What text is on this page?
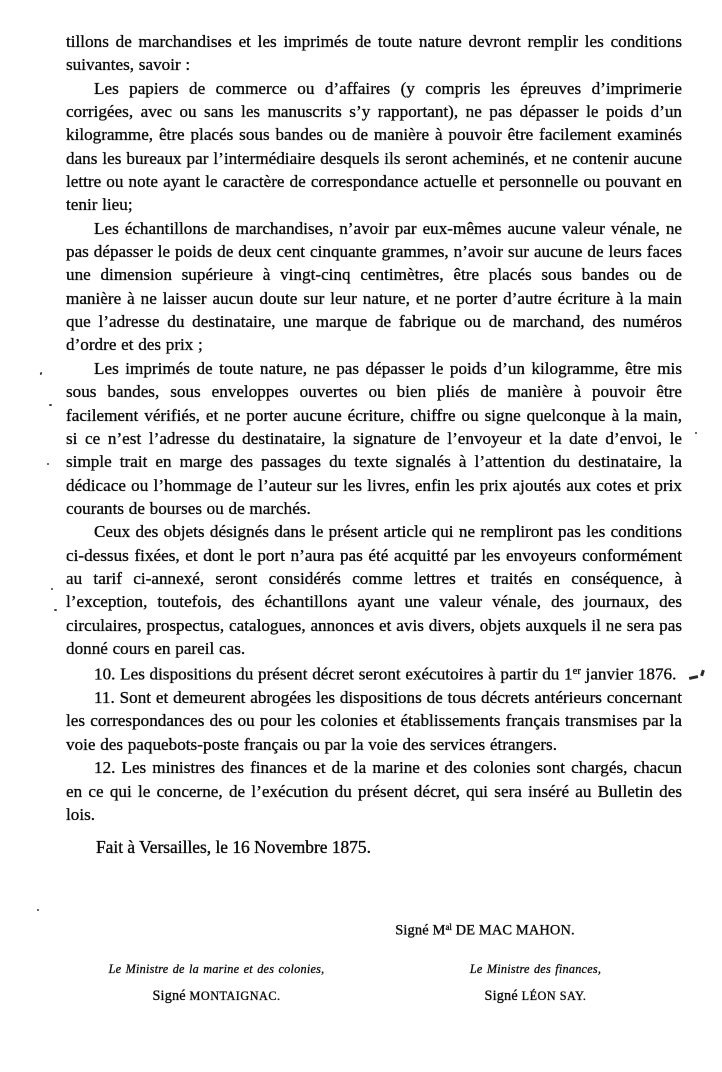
tillons de marchandises et les imprimés de toute nature devront remplir les conditions suivantes, savoir :

Les papiers de commerce ou d’affaires (y compris les épreuves d’imprimerie corrigées, avec ou sans les manuscrits s’y rapportant), ne pas dépasser le poids d’un kilogramme, être placés sous bandes ou de manière à pouvoir être facilement examinés dans les bureaux par l’intermédiaire desquels ils seront acheminés, et ne contenir aucune lettre ou note ayant le caractère de correspondance actuelle et personnelle ou pouvant en tenir lieu;

Les échantillons de marchandises, n’avoir par eux-mêmes aucune valeur vénale, ne pas dépasser le poids de deux cent cinquante grammes, n’avoir sur aucune de leurs faces une dimension supérieure à vingt-cinq centimètres, être placés sous bandes ou de manière à ne laisser aucun doute sur leur nature, et ne porter d’autre écriture à la main que l’adresse du destinataire, une marque de fabrique ou de marchand, des numéros d’ordre et des prix ;

Les imprimés de toute nature, ne pas dépasser le poids d’un kilogramme, être mis sous bandes, sous enveloppes ouvertes ou bien pliés de manière à pouvoir être facilement vérifiés, et ne porter aucune écriture, chiffre ou signe quelconque à la main, si ce n’est l’adresse du destinataire, la signature de l’envoyeur et la date d’envoi, le simple trait en marge des passages du texte signalés à l’attention du destinataire, la dédicace ou l’hommage de l’auteur sur les livres, enfin les prix ajoutés aux cotes et prix courants de bourses ou de marchés.

Ceux des objets désignés dans le présent article qui ne rempliront pas les conditions ci-dessus fixées, et dont le port n’aura pas été acquitté par les envoyeurs conformément au tarif ci-annexé, seront considérés comme lettres et traités en conséquence, à l’exception, toutefois, des échantillons ayant une valeur vénale, des journaux, des circulaires, prospectus, catalogues, annonces et avis divers, objets auxquels il ne sera pas donné cours en pareil cas.

10. Les dispositions du présent décret seront exécutoires à partir du 1er janvier 1876.

11. Sont et demeurent abrogées les dispositions de tous décrets antérieurs concernant les correspondances des ou pour les colonies et établissements français transmises par la voie des paquebots-poste français ou par la voie des services étrangers.

12. Les ministres des finances et de la marine et des colonies sont chargés, chacun en ce qui le concerne, de l’exécution du présent décret, qui sera inséré au Bulletin des lois.

Fait à Versailles, le 16 Novembre 1875.

Signé $M^{al}$ DE MAC MAHON.
Le Ministre de la marine et des colonies,
Signé MONTAIGNAC.
Le Ministre des finances,
Signé LÉON SAY.
